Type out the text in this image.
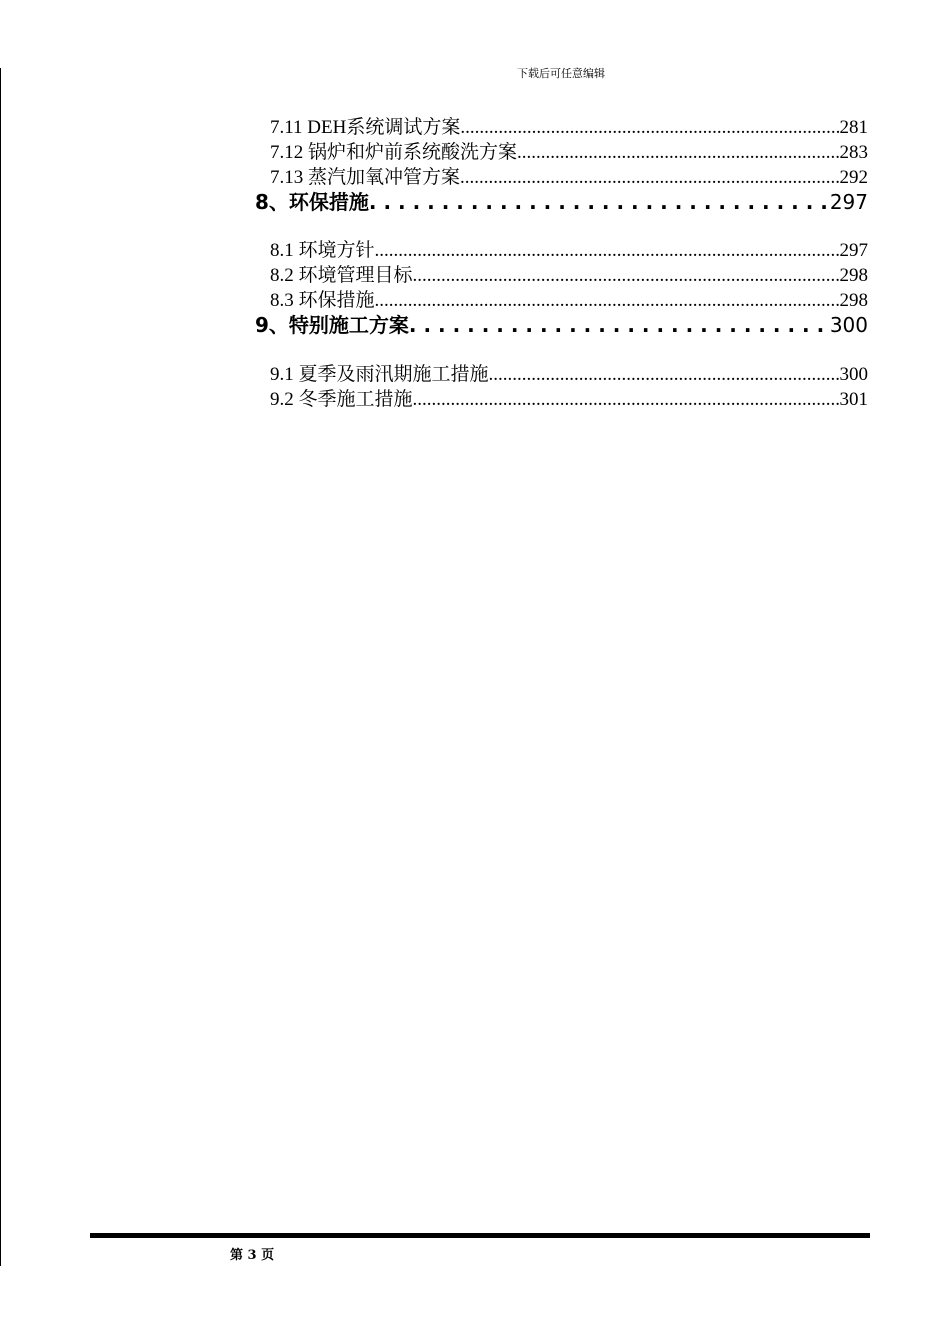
下载后可任意编辑
7.11 DEH系统调试方案 .....	281
7.12 锅炉和炉前系统酸洗方案 .....	283
7.13 蒸汽加氧冲管方案 .....	292
8、环保措施 . . .	297
8.1 环境方针 .....	297
8.2 环境管理目标 .....	298
8.3 环保措施 .....	298
9、特别施工方案 . . .	300
9.1 夏季及雨汛期施工措施 .....	300
9.2 冬季施工措施 .....	301
第 3 页
